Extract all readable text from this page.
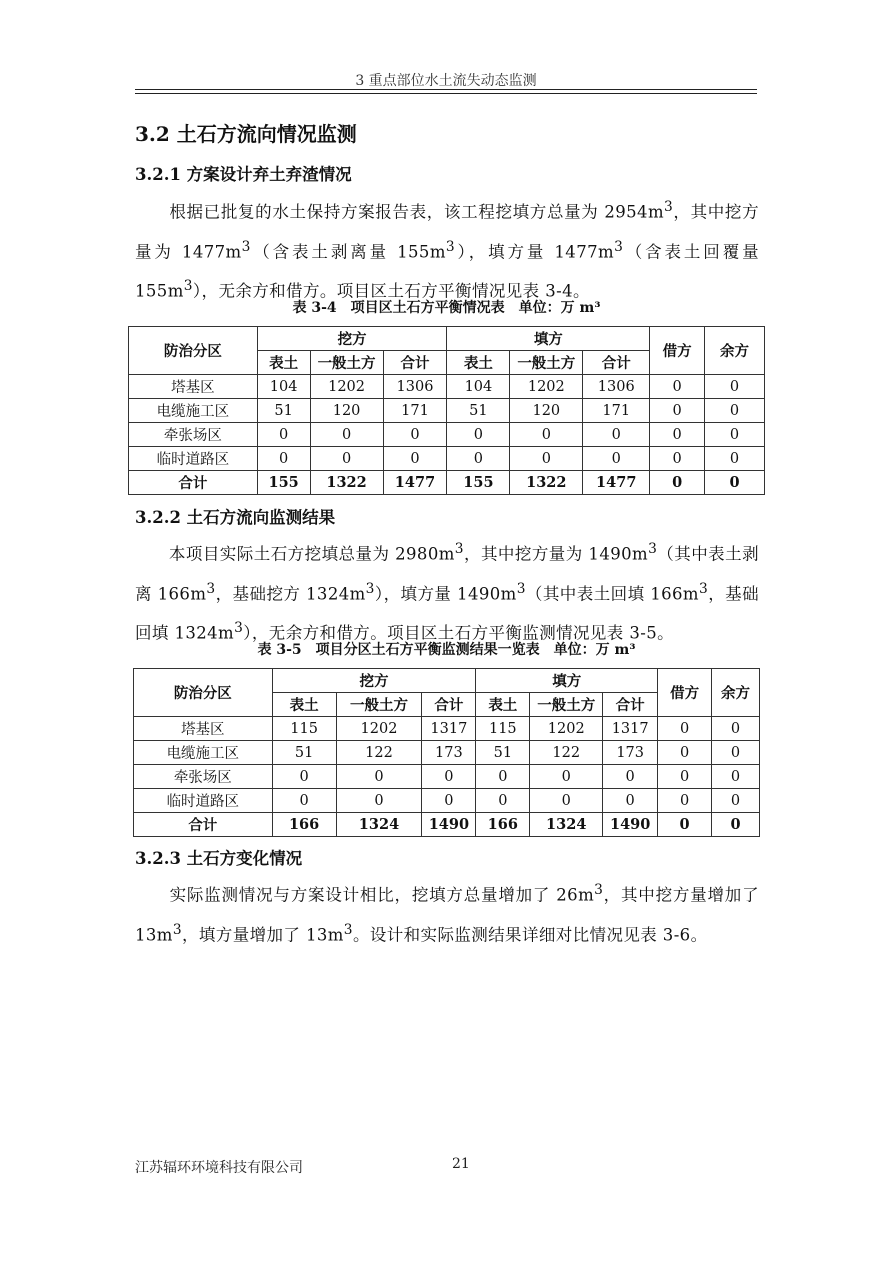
3 重点部位水土流失动态监测
3.2 土石方流向情况监测
3.2.1 方案设计弃土弃渣情况
　　根据已批复的水土保持方案报告表，该工程挖填方总量为 $2954m^3$，其中挖方量为 $1477m^3$（含表土剥离量 $155m^3$），填方量 $1477m^3$（含表土回覆量 $155m^3$），无余方和借方。项目区土石方平衡情况见表 3-4。
表 3-4　项目区土石方平衡情况表　单位：万 m³
防治分区	挖方			填方			借方	余方
	表土	一般土方	合计	表土	一般土方	合计		
塔基区	104	1202	1306	104	1202	1306	0	0
电缆施工区	51	120	171	51	120	171	0	0
牵张场区	0	0	0	0	0	0	0	0
临时道路区	0	0	0	0	0	0	0	0
合计	155	1322	1477	155	1322	1477	0	0
3.2.2 土石方流向监测结果
　　本项目实际土石方挖填总量为 $2980m^3$，其中挖方量为 $1490m^3$（其中表土剥离 $166m^3$，基础挖方 $1324m^3$），填方量 $1490m^3$（其中表土回填 $166m^3$，基础回填 $1324m^3$），无余方和借方。项目区土石方平衡监测情况见表 3-5。
表 3-5　项目分区土石方平衡监测结果一览表　单位：万 m³
防治分区	挖方			填方			借方	余方
	表土	一般土方	合计	表土	一般土方	合计		
塔基区	115	1202	1317	115	1202	1317	0	0
电缆施工区	51	122	173	51	122	173	0	0
牵张场区	0	0	0	0	0	0	0	0
临时道路区	0	0	0	0	0	0	0	0
合计	166	1324	1490	166	1324	1490	0	0
3.2.3 土石方变化情况
　　实际监测情况与方案设计相比，挖填方总量增加了 $26m^3$，其中挖方量增加了 $13m^3$，填方量增加了 $13m^3$。设计和实际监测结果详细对比情况见表 3-6。
江苏辐环环境科技有限公司	21
